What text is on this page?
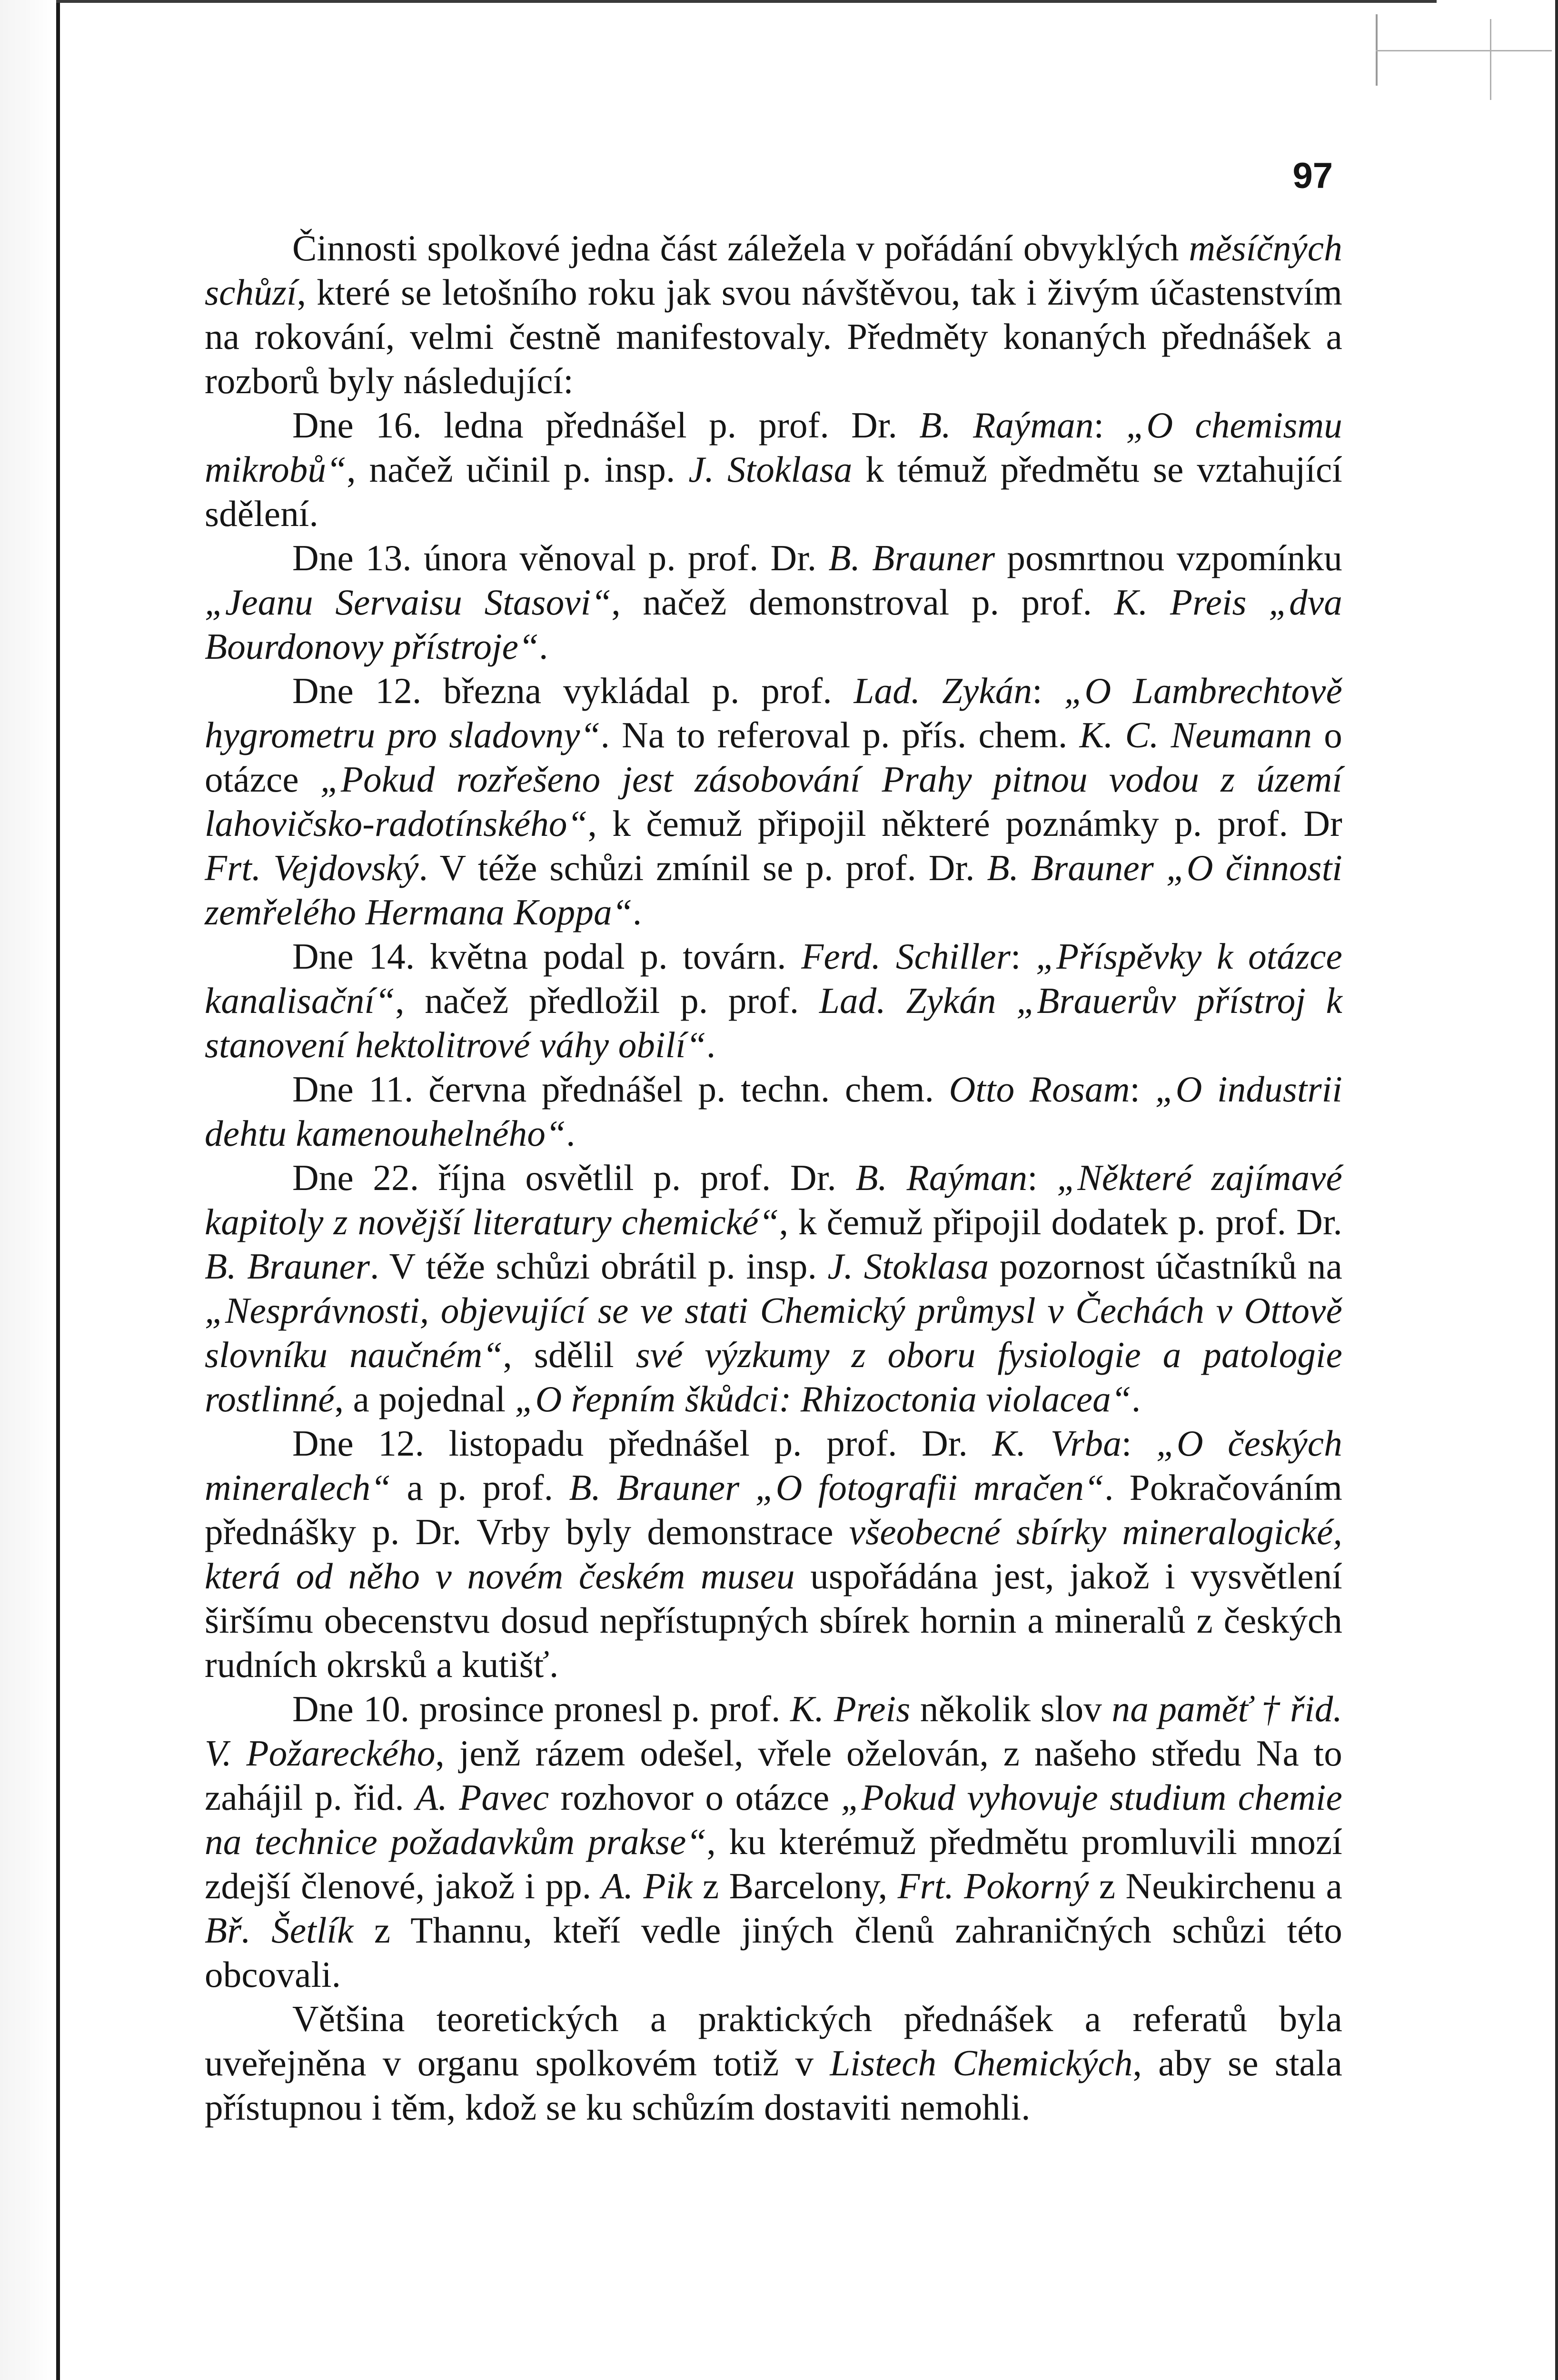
97

Činnosti spolkové jedna část záležela v pořádání obvyklých měsíčných schůzí, které se letošního roku jak svou návštěvou, tak i živým účastenstvím na rokování, velmi čestně manifestovaly. Předměty konaných přednášek a rozborů byly následující:

Dne 16. ledna přednášel p. prof. Dr. B. Raýman: „O chemismu mikrobů“, načež učinil p. insp. J. Stoklasa k témuž předmětu se vztahující sdělení.

Dne 13. února věnoval p. prof. Dr. B. Brauner posmrtnou vzpomínku „Jeanu Servaisu Stasovi“, načež demonstroval p. prof. K. Preis „dva Bourdonovy přístroje“.

Dne 12. března vykládal p. prof. Lad. Zykán: „O Lambrechtově hygrometru pro sladovny“. Na to referoval p. přís. chem. K. C. Neumann o otázce „Pokud rozřešeno jest zásobování Prahy pitnou vodou z území lahovičsko-radotínského“, k čemuž připojil některé poznámky p. prof. Dr Frt. Vejdovský. V téže schůzi zmínil se p. prof. Dr. B. Brauner „O činnosti zemřelého Hermana Koppa“.

Dne 14. května podal p. továrn. Ferd. Schiller: „Příspěvky k otázce kanalisační“, načež předložil p. prof. Lad. Zykán „Brauerův přístroj k stanovení hektolitrové váhy obilí“.

Dne 11. června přednášel p. techn. chem. Otto Rosam: „O industrii dehtu kamenouhelného“.

Dne 22. října osvětlil p. prof. Dr. B. Raýman: „Některé zajímavé kapitoly z novější literatury chemické“, k čemuž připojil dodatek p. prof. Dr. B. Brauner. V téže schůzi obrátil p. insp. J. Stoklasa pozornost účastníků na „Nesprávnosti, objevující se ve stati Chemický průmysl v Čechách v Ottově slovníku naučném“, sdělil své výzkumy z oboru fysiologie a patologie rostlinné, a pojednal „O řepním škůdci: Rhizoctonia violacea“.

Dne 12. listopadu přednášel p. prof. Dr. K. Vrba: „O českých mineralech“ a p. prof. B. Brauner „O fotografii mračen“. Pokračováním přednášky p. Dr. Vrby byly demonstrace všeobecné sbírky mineralogické, která od něho v novém českém museu uspořádána jest, jakož i vysvětlení širšímu obecenstvu dosud nepřístupných sbírek hornin a mineralů z českých rudních okrsků a kutišť.

Dne 10. prosince pronesl p. prof. K. Preis několik slov na paměť † řid. V. Požareckého, jenž rázem odešel, vřele oželován, z našeho středu Na to zahájil p. řid. A. Pavec rozhovor o otázce „Pokud vyhovuje studium chemie na technice požadavkům prakse“, ku kterémuž předmětu promluvili mnozí zdejší členové, jakož i pp. A. Pik z Barcelony, Frt. Pokorný z Neukirchenu a Bř. Šetlík z Thannu, kteří vedle jiných členů zahraničných schůzi této obcovali.

Většina teoretických a praktických přednášek a referatů byla uveřejněna v organu spolkovém totiž v Listech Chemických, aby se stala přístupnou i těm, kdož se ku schůzím dostaviti nemohli.
